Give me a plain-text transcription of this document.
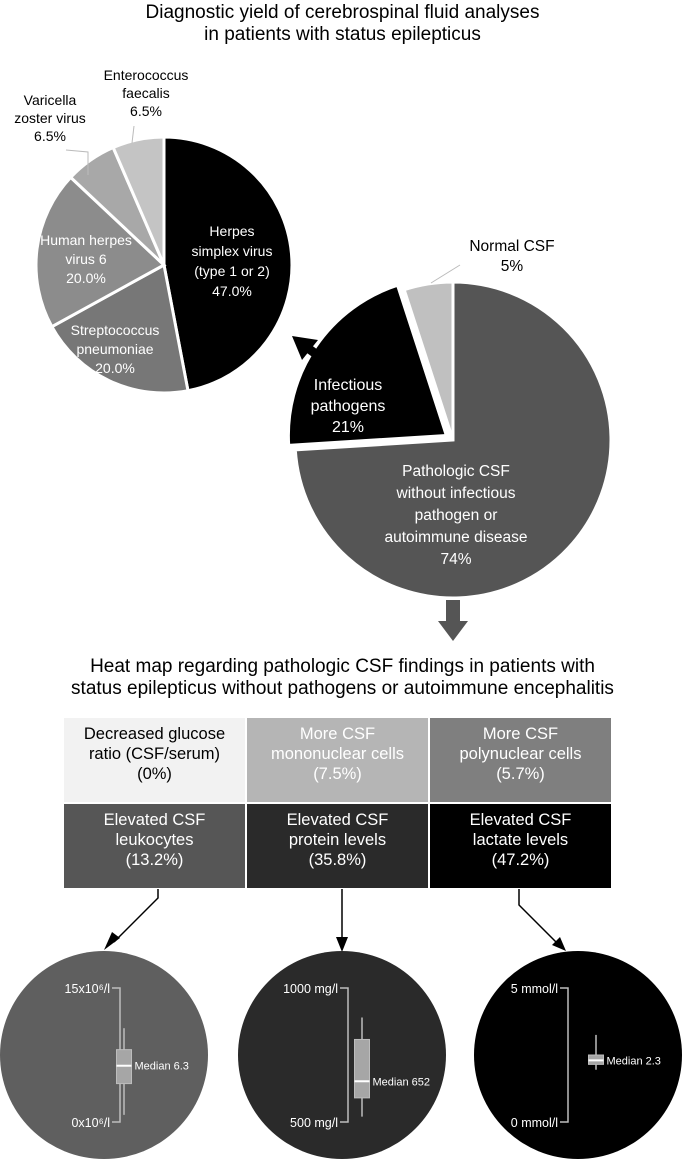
Diagnostic yield of cerebrospinal fluid analyses
in patients with status epilepticus
Heat map regarding pathologic CSF findings in patients with
status epilepticus without pathogens or autoimmune encephalitis
Herpes simplex virus (type 1 or 2) 47.0%
Streptococcus pneumoniae 20.0%
Human herpes virus 6 20.0%
Varicella zoster virus 6.5%
Enterococcus faecalis 6.5%
Pathologic CSF without infectious pathogen or autoimmune disease 74%
Infectious pathogens 21%
Normal CSF 5%
Decreased glucose
ratio (CSF/serum)
(0%)
More CSF
mononuclear cells
(7.5%)
More CSF
polynuclear cells
(5.7%)
Elevated CSF
leukocytes
(13.2%)
Elevated CSF
protein levels
(35.8%)
Elevated CSF
lactate levels
(47.2%)
15x10⁶/l
0x10⁶/l
Median 6.3
1000 mg/l
500 mg/l
Median 652
5 mmol/l
0 mmol/l
Median 2.3
